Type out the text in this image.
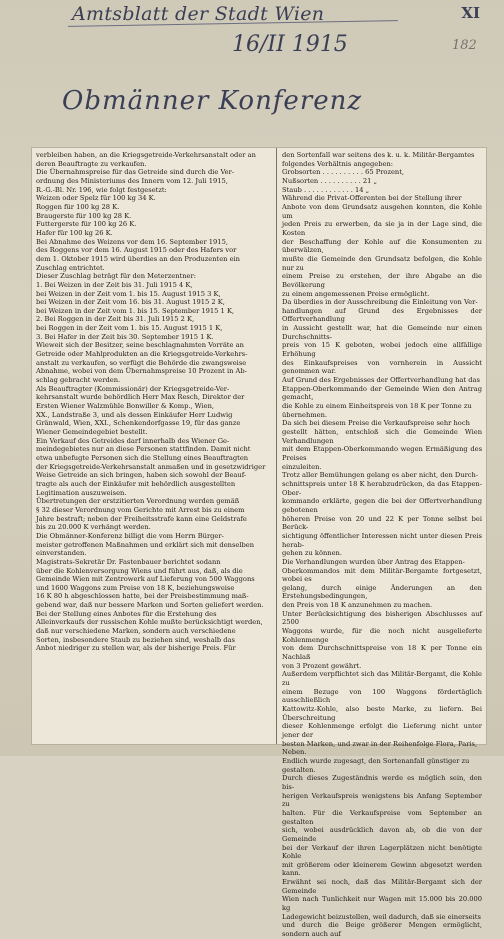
Amtsblatt der Stadt Wien	XI
16/II 1915	182
Obmänner Konferenz

verbleiben haben, an die Kriegsgetreide-Verkehrsanstalt oder an

deren Beauftragte zu verkaufen.

Die Übernahmspreise für das Getreide sind durch die Ver-

ordnung des Ministeriums des Innern vom 12. Juli 1915,

R.-G.-Bl. Nr. 196, wie folgt festgesetzt:

Weizen oder Spelz für 100 kg 34 K.

Roggen für 100 kg 28 K.

Braugerste für 100 kg 28 K.

Futtergerste für 100 kg 26 K.

Hafer für 100 kg 26 K.

Bei Abnahme des Weizens vor dem 16. September 1915,

des Roggens vor dem 16. August 1915 oder des Hafers vor

dem 1. Oktober 1915 wird überdies an den Produzenten ein

Zuschlag entrichtet.

Dieser Zuschlag beträgt für den Meterzentner:

1. Bei Weizen in der Zeit bis 31. Juli 1915 4 K,

bei Weizen in der Zeit vom 1. bis 15. August 1915 3 K,

bei Weizen in der Zeit vom 16. bis 31. August 1915 2 K,

bei Weizen in der Zeit vom 1. bis 15. September 1915 1 K,

2. Bei Roggen in der Zeit bis 31. Juli 1915 2 K,

bei Roggen in der Zeit vom 1. bis 15. August 1915 1 K,

3. Bei Hafer in der Zeit bis 30. September 1915 1 K.

Wieweit sich der Besitzer, seine beschlagnahmten Vorräte an

Getreide oder Mahlprodukten an die Kriegsgetreide-Verkehrs-

anstalt zu verkaufen, so verfügt die Behörde die zwangsweise

Abnahme, wobei von dem Übernahmspreise 10 Prozent in Ab-

schlag gebracht werden.

Als Beauftragter (Kommissionär) der Kriegsgetreide-Ver-

kehrsanstalt wurde behördlich Herr Max Resch, Direktor der

Ersten Wiener Walzmühle Bonwiller & Komp., Wien,

XX., Landstraße 3, und als dessen Einkäufer Herr Ludwig

Gränwald, Wien, XXI., Schenkendorfgasse 19, für das ganze

Wiener Gemeindegebiet bestellt.

Ein Verkauf des Getreides darf innerhalb des Wiener Ge-

meindegebietes nur an diese Personen stattfinden. Damit nicht

etwa unbefugte Personen sich die Stellung eines Beauftragten

der Kriegsgetreide-Verkehrsanstalt anmaßen und in gesetzwidriger

Weise Getreide an sich bringen, haben sich sowohl der Beauf-

tragte als auch der Einkäufer mit behördlich ausgestellten

Legitimation auszuweisen.

Übertretungen der erstzitierten Verordnung werden gemäß

§ 32 dieser Verordnung vom Gerichte mit Arrest bis zu einem

Jahre bestraft; neben der Freiheitsstrafe kann eine Geldstrafe

bis zu 20.000 K verhängt werden.

Die Obmänner-Konferenz billigt die vom Herrn Bürger-

meister getroffenen Maßnahmen und erklärt sich mit denselben

einverstanden.

Magistrats-Sekretär Dr. Fastenbauer berichtet sodann

über die Kohlenversorgung Wiens und führt aus, daß, als die

Gemeinde Wien mit Zentrowerk auf Lieferung von 500 Waggons

und 1600 Waggons zum Preise von 18 K, beziehungsweise

16 K 80 h abgeschlossen hatte, bei der Preisbestimmung maß-

gebend war, daß nur bessere Marken und Sorten geliefert werden.

Bei der Stellung eines Anbotes für die Erstehung des

Alleinverkaufs der russischen Kohle mußte berücksichtigt werden,

daß nur verschiedene Marken, sondern auch verschiedene

Sorten, insbesondere Staub zu beziehen sind, weshalb das

Anbot niedriger zu stellen war, als der bisherige Preis. Für

den Sortenfall war seitens des k. u. k. Militär-Bergamtes

folgendes Verhältnis angegeben:

Grobsorten . . . . . . . . . . 65 Prozent,

Nußsorten . . . . . . . . . . 21 „

Staub . . . . . . . . . . . . 14 „

Während die Privat-Offerenten bei der Stellung ihrer

Anbote von dem Grundsatz ausgehen konnten, die Kohle um

jeden Preis zu erwerben, da sie ja in der Lage sind, die Kosten

der Beschaffung der Kohle auf die Konsumenten zu überwälzen,

mußte die Gemeinde den Grundsatz befolgen, die Kohle nur zu

einem Preise zu erstehen, der ihre Abgabe an die Bevölkerung

zu einem angemessenen Preise ermöglicht.

Da überdies in der Ausschreibung die Einleitung von Ver-

handlungen auf Grund des Ergebnisses der Offertverhandlung

in Aussicht gestellt war, hat die Gemeinde nur einen Durchschnitts-

preis von 15 K geboten, wobei jedoch eine allfällige Erhöhung

des Einkaufspreises von vornherein in Aussicht genommen war.

Auf Grund des Ergebnisses der Offertverhandlung hat das

Etappen-Oberkommando der Gemeinde Wien den Antrag gemacht,

die Kohle zu einem Einheitspreis von 18 K per Tonne zu

übernehmen.

Da sich bei diesem Preise die Verkaufspreise sehr hoch

gestellt hätten, entschloß sich die Gemeinde Wien Verhandlungen

mit dem Etappen-Oberkommando wegen Ermäßigung des Preises

einzuleiten.

Trotz aller Bemühungen gelang es aber nicht, den Durch-

schnittspreis unter 18 K herabzudrücken, da das Etappen-Ober-

kommando erklärte, gegen die bei der Offertverhandlung gebotenen

höheren Preise von 20 und 22 K per Tonne selbst bei Berück-

sichtigung öffentlicher Interessen nicht unter diesen Preis herab-

gehen zu können.

Die Verhandlungen wurden über Antrag des Etappen-

Oberkommandos mit dem Militär-Bergamte fortgesetzt, wobei es

gelang, durch einige Änderungen an den Erstehungsbedingungen,

den Preis von 18 K anzunehmen zu machen.

Unter Berücksichtigung des bisherigen Abschlusses auf 2500

Waggons wurde, für die noch nicht ausgelieferte Kohlenmenge

von dem Durchschnittspreise von 18 K per Tonne ein Nachlaß

von 3 Prozent gewährt.

Außerdem verpflichtet sich das Militär-Bergamt, die Kohle zu

einem Bezuge von 100 Waggons fördertäglich ausschließlich

Kattowitz-Kohle, also beste Marke, zu liefern. Bei Überschreitung

dieser Kohlenmenge erfolgt die Lieferung nicht unter jener der

besten Marken, und zwar in der Reihenfolge Flora, Paris,

Neben.

Endlich wurde zugesagt, den Sortenanfall günstiger zu

gestalten.

Durch dieses Zugeständnis werde es möglich sein, den bis-

herigen Verkaufspreis wenigstens bis Anfang September zu

halten. Für die Verkaufspreise vom September an gestalten

sich, wobei ausdrücklich davon ab, ob die von der Gemeinde

bei der Verkauf der ihren Lagerplätzen nicht benötigte Kohle

mit größerem oder kleinerem Gewinn abgesetzt werden kann.

Erwähnt sei noch, daß das Militär-Bergamt sich der Gemeinde

Wien nach Tunlichkeit nur Wagen mit 15.000 bis 20.000 kg

Ladegewicht beizustellen, weil dadurch, daß sie einerseits

und durch die Beige größerer Mengen ermöglicht, sondern auch auf
